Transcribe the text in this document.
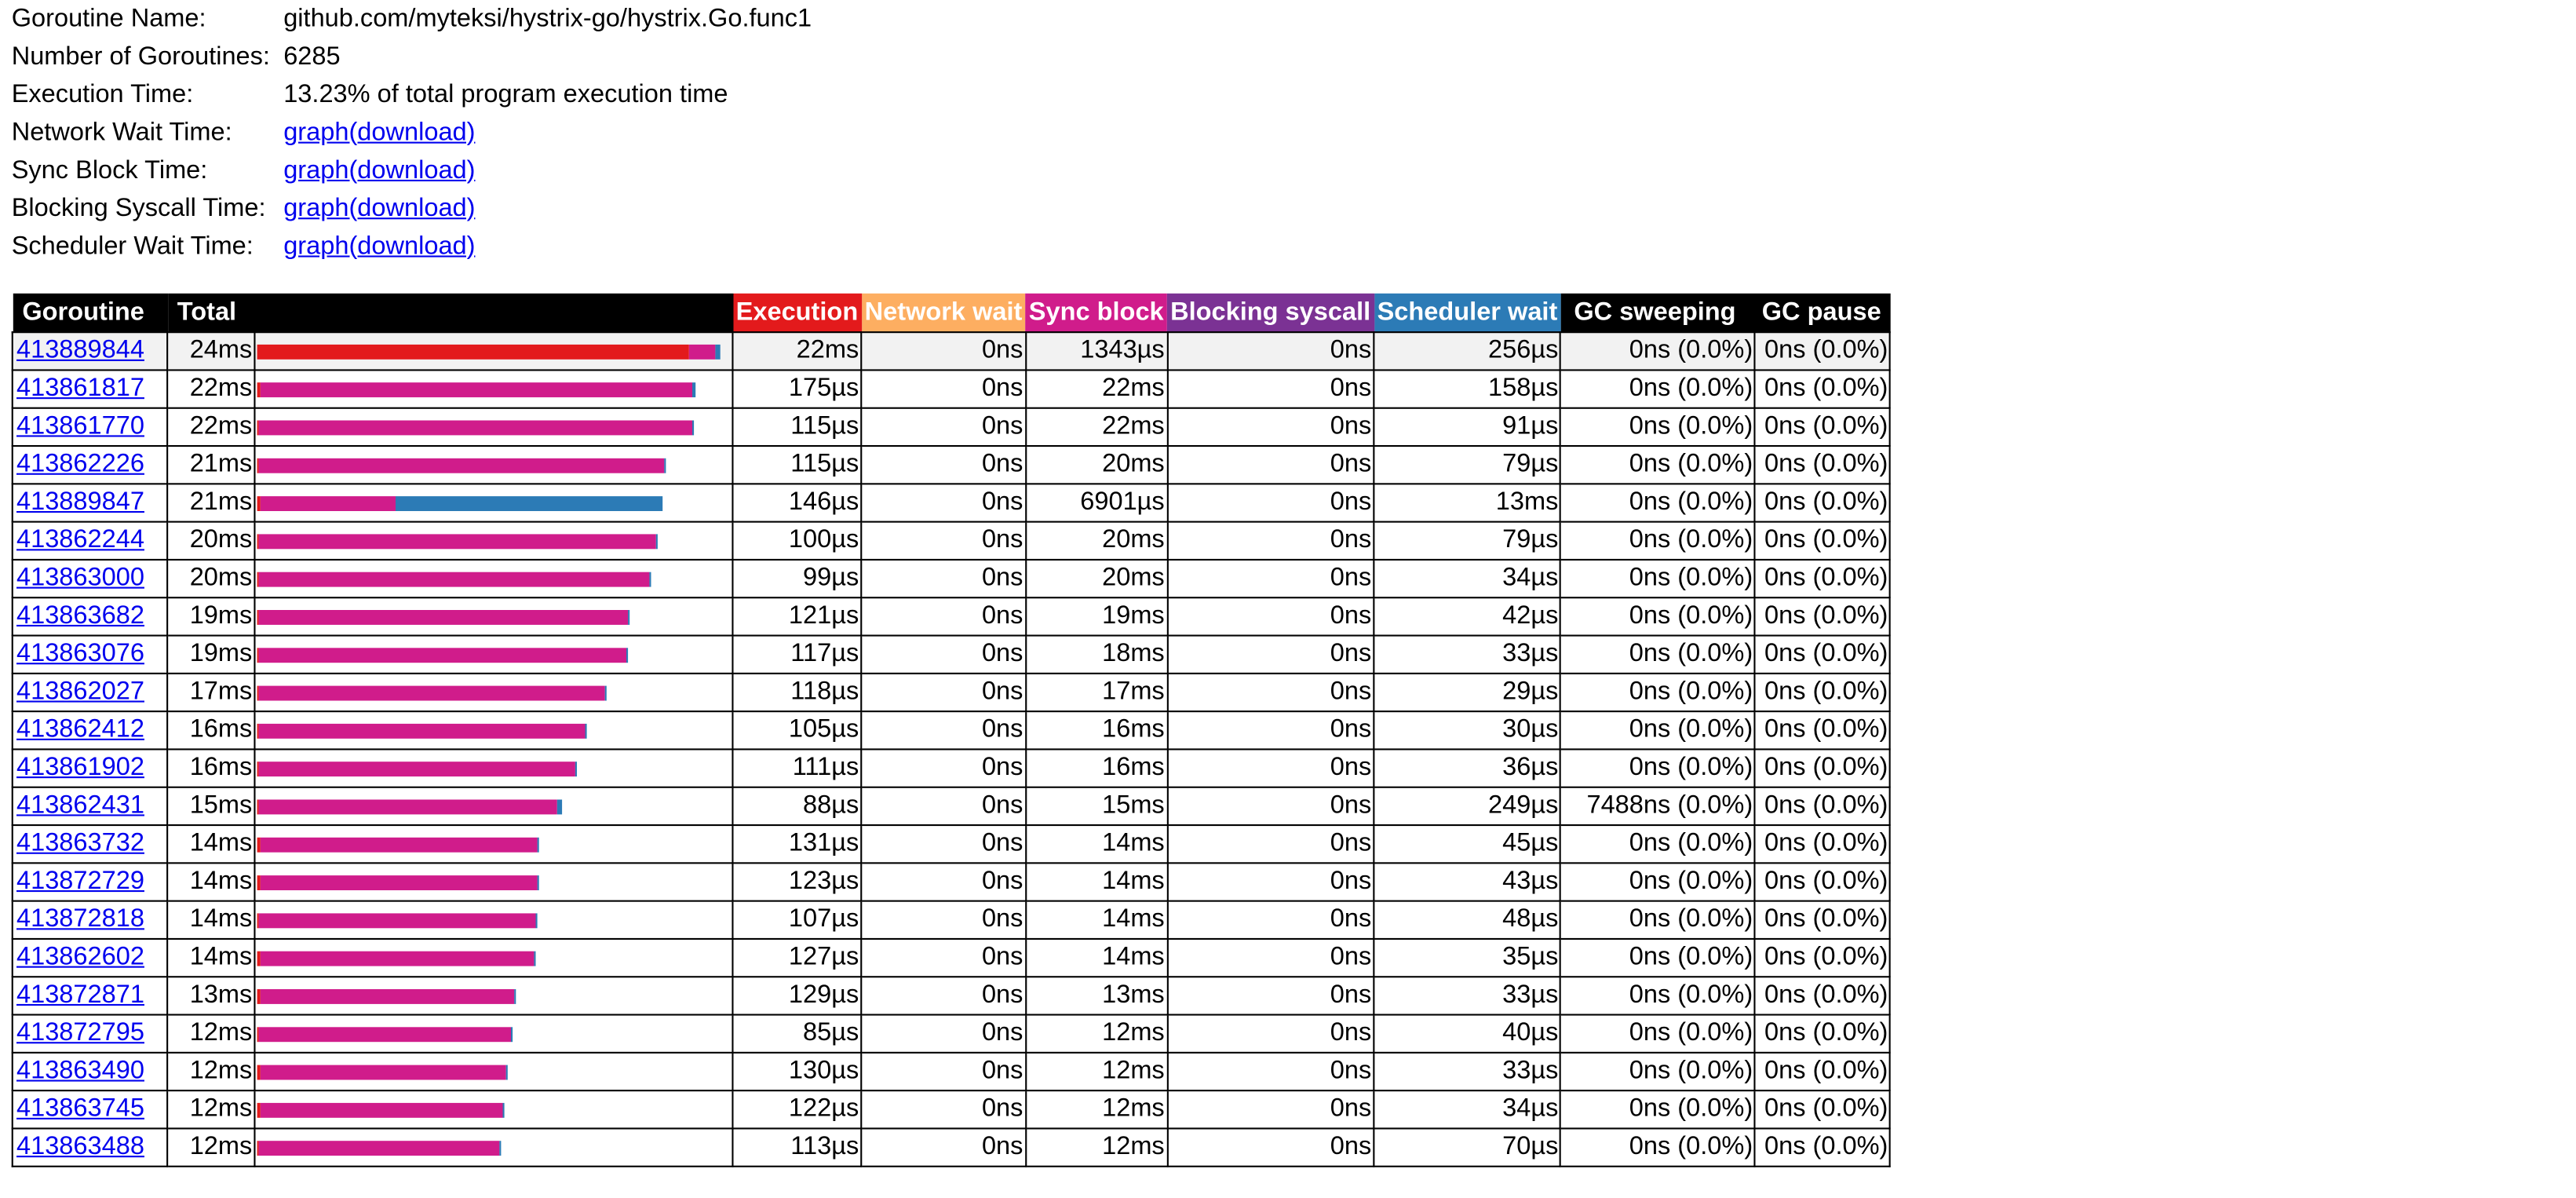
Goroutine Name:	github.com/myteksi/hystrix-go/hystrix.Go.func1
Number of Goroutines:	6285
Execution Time:	13.23% of total program execution time
Network Wait Time:	graph(download)
Sync Block Time:	graph(download)
Blocking Syscall Time:	graph(download)
Scheduler Wait Time:	graph(download)
Goroutine	Total		Execution	Network wait	Sync block	Blocking syscall	Scheduler wait	GC sweeping	GC pause
413889844	24ms		22ms	0ns	1343µs	0ns	256µs	0ns (0.0%)	0ns (0.0%)
413861817	22ms		175µs	0ns	22ms	0ns	158µs	0ns (0.0%)	0ns (0.0%)
413861770	22ms		115µs	0ns	22ms	0ns	91µs	0ns (0.0%)	0ns (0.0%)
413862226	21ms		115µs	0ns	20ms	0ns	79µs	0ns (0.0%)	0ns (0.0%)
413889847	21ms		146µs	0ns	6901µs	0ns	13ms	0ns (0.0%)	0ns (0.0%)
413862244	20ms		100µs	0ns	20ms	0ns	79µs	0ns (0.0%)	0ns (0.0%)
413863000	20ms		99µs	0ns	20ms	0ns	34µs	0ns (0.0%)	0ns (0.0%)
413863682	19ms		121µs	0ns	19ms	0ns	42µs	0ns (0.0%)	0ns (0.0%)
413863076	19ms		117µs	0ns	18ms	0ns	33µs	0ns (0.0%)	0ns (0.0%)
413862027	17ms		118µs	0ns	17ms	0ns	29µs	0ns (0.0%)	0ns (0.0%)
413862412	16ms		105µs	0ns	16ms	0ns	30µs	0ns (0.0%)	0ns (0.0%)
413861902	16ms		111µs	0ns	16ms	0ns	36µs	0ns (0.0%)	0ns (0.0%)
413862431	15ms		88µs	0ns	15ms	0ns	249µs	7488ns (0.0%)	0ns (0.0%)
413863732	14ms		131µs	0ns	14ms	0ns	45µs	0ns (0.0%)	0ns (0.0%)
413872729	14ms		123µs	0ns	14ms	0ns	43µs	0ns (0.0%)	0ns (0.0%)
413872818	14ms		107µs	0ns	14ms	0ns	48µs	0ns (0.0%)	0ns (0.0%)
413862602	14ms		127µs	0ns	14ms	0ns	35µs	0ns (0.0%)	0ns (0.0%)
413872871	13ms		129µs	0ns	13ms	0ns	33µs	0ns (0.0%)	0ns (0.0%)
413872795	12ms		85µs	0ns	12ms	0ns	40µs	0ns (0.0%)	0ns (0.0%)
413863490	12ms		130µs	0ns	12ms	0ns	33µs	0ns (0.0%)	0ns (0.0%)
413863745	12ms		122µs	0ns	12ms	0ns	34µs	0ns (0.0%)	0ns (0.0%)
413863488	12ms		113µs	0ns	12ms	0ns	70µs	0ns (0.0%)	0ns (0.0%)
